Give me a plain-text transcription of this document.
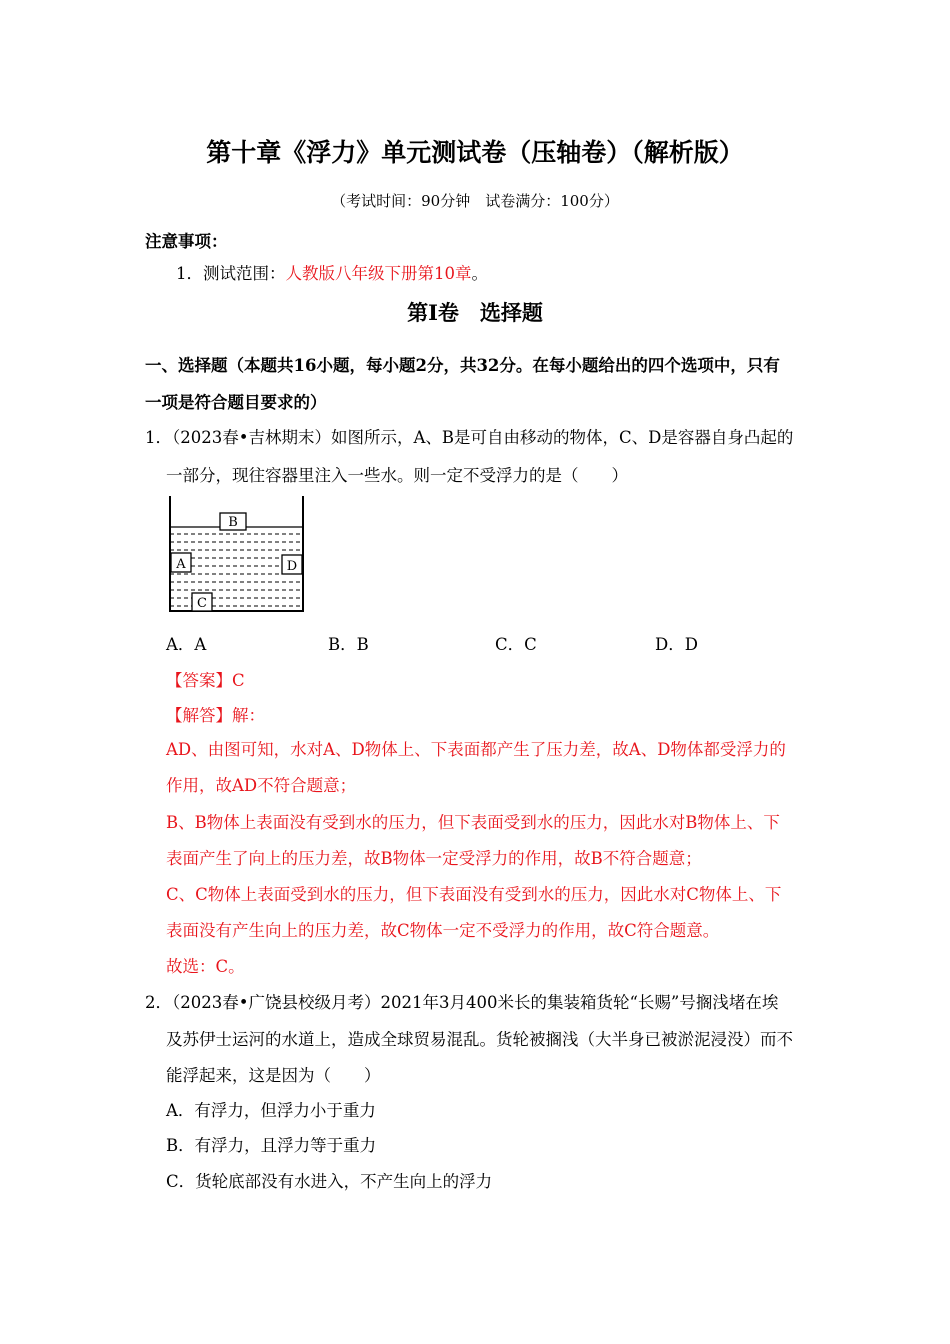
第十章《浮力》单元测试卷（压轴卷）（解析版）
（考试时间：90分钟　试卷满分：100分）
注意事项：
1．测试范围：人教版八年级下册第10章。
第Ⅰ卷　选择题
一、选择题（本题共16小题，每小题2分，共32分。在每小题给出的四个选项中，只有
一项是符合题目要求的）
1．（2023春•吉林期末）如图所示，A、B是可自由移动的物体，C、D是容器自身凸起的
一部分，现往容器里注入一些水。则一定不受浮力的是（　　）
B
A	D
C
A．A	B．B	C．C	D．D
【答案】C
【解答】解：
AD、由图可知，水对A、D物体上、下表面都产生了压力差，故A、D物体都受浮力的
作用，故AD不符合题意；
B、B物体上表面没有受到水的压力，但下表面受到水的压力，因此水对B物体上、下
表面产生了向上的压力差，故B物体一定受浮力的作用，故B不符合题意；
C、C物体上表面受到水的压力，但下表面没有受到水的压力，因此水对C物体上、下
表面没有产生向上的压力差，故C物体一定不受浮力的作用，故C符合题意。
故选：C。
2．（2023春•广饶县校级月考）2021年3月400米长的集装箱货轮“长赐”号搁浅堵在埃
及苏伊士运河的水道上，造成全球贸易混乱。货轮被搁浅（大半身已被淤泥浸没）而不
能浮起来，这是因为（　　）
A．有浮力，但浮力小于重力
B．有浮力，且浮力等于重力
C．货轮底部没有水进入，不产生向上的浮力
